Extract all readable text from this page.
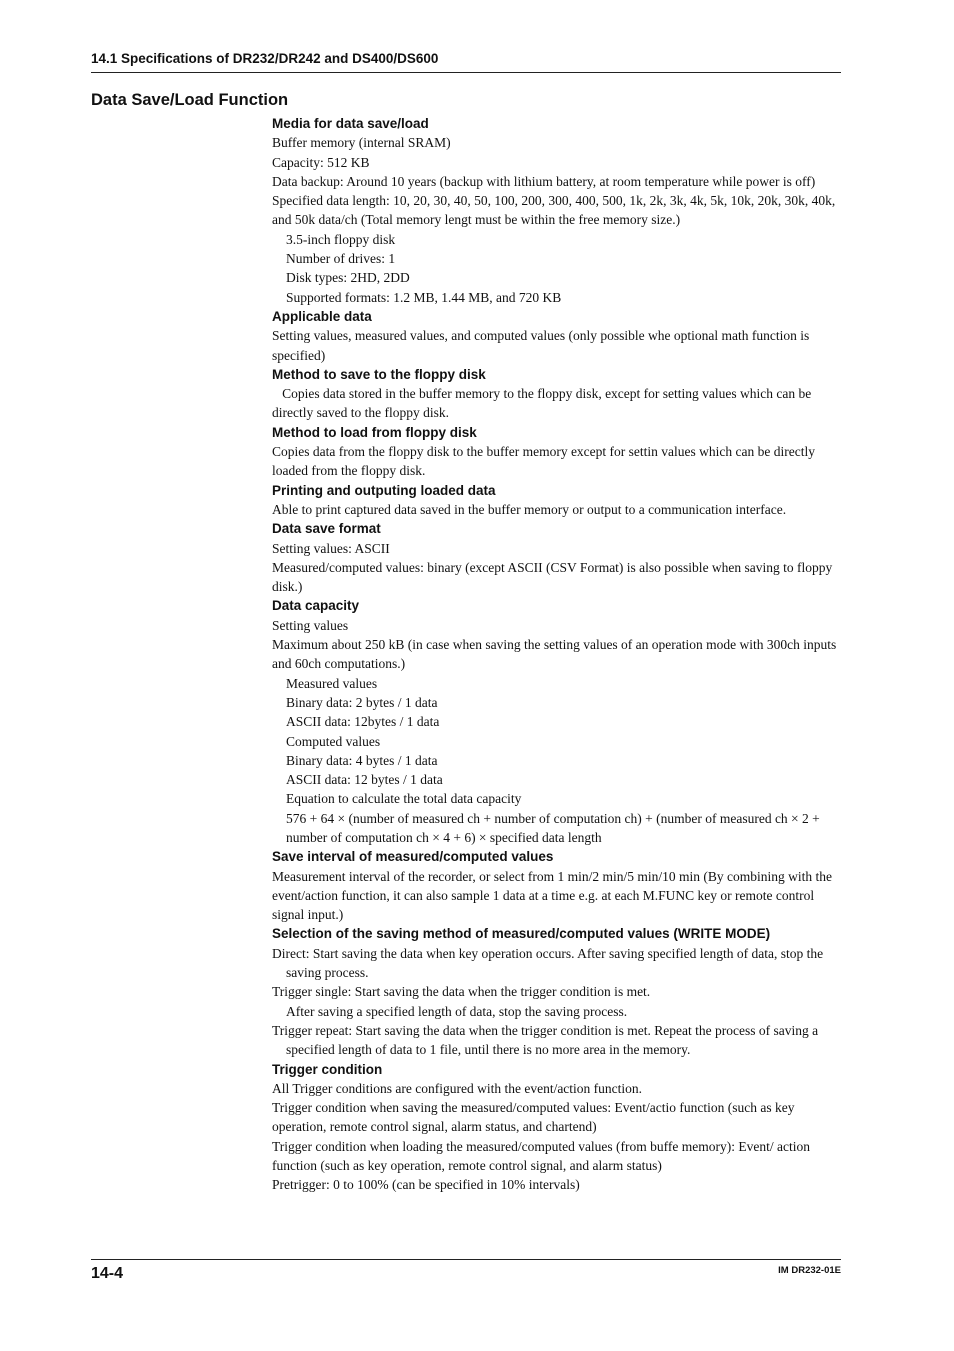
14.1 Specifications of DR232/DR242 and DS400/DS600
Data Save/Load Function
Media for data save/load
Buffer memory (internal SRAM)
Capacity: 512 KB
Data backup: Around 10 years (backup with lithium battery, at room temperature while power is off)
Specified data length: 10, 20, 30, 40, 50, 100, 200, 300, 400, 500, 1k, 2k, 3k, 4k, 5k, 10k, 20k, 30k, 40k, and 50k data/ch (Total memory lengt must be within the free memory size.)
3.5-inch floppy disk
Number of drives: 1
Disk types: 2HD, 2DD
Supported formats: 1.2 MB, 1.44 MB, and 720 KB
Applicable data
Setting values, measured values, and computed values (only possible whe optional math function is specified)
Method to save to the floppy disk
Copies data stored in the buffer memory to the floppy disk, except for setting values which can be directly saved to the floppy disk.
Method to load from floppy disk
Copies data from the floppy disk to the buffer memory except for settin values which can be directly loaded from the floppy disk.
Printing and outputing loaded data
Able to print captured data saved in the buffer memory or output to a communication interface.
Data save format
Setting values: ASCII
Measured/computed values: binary (except ASCII (CSV Format) is also possible when saving to floppy disk.)
Data capacity
Setting values
Maximum about 250 kB (in case when saving the setting values of an operation mode with 300ch inputs and 60ch computations.)
Measured values
Binary data: 2 bytes / 1 data
ASCII data: 12bytes / 1 data
Computed values
Binary data: 4 bytes / 1 data
ASCII data: 12 bytes / 1 data
Equation to calculate the total data capacity
576 + 64 × (number of measured ch + number of computation ch) + (number of measured ch × 2 + number of computation ch × 4 + 6) × specified data length
Save interval of measured/computed values
Measurement interval of the recorder, or select from 1 min/2 min/5 min/10 min (By combining with the event/action function, it can also sample 1 data at a time e.g. at each M.FUNC key or remote control signal input.)
Selection of the saving method of measured/computed values (WRITE MODE)
Direct: Start saving the data when key operation occurs. After saving specified length of data, stop the saving process.
Trigger single: Start saving the data when the trigger condition is met.
After saving a specified length of data, stop the saving process.
Trigger repeat: Start saving the data when the trigger condition is met. Repeat the process of saving a specified length of data to 1 file, until there is no more area in the memory.
Trigger condition
All Trigger conditions are configured with the event/action function.
Trigger condition when saving the measured/computed values: Event/actio function (such as key operation, remote control signal, alarm status, and chartend)
Trigger condition when loading the measured/computed values (from buffe memory): Event/ action function (such as key operation, remote control signal, and alarm status)
Pretrigger: 0 to 100% (can be specified in 10% intervals)
14-4	IM DR232-01E
